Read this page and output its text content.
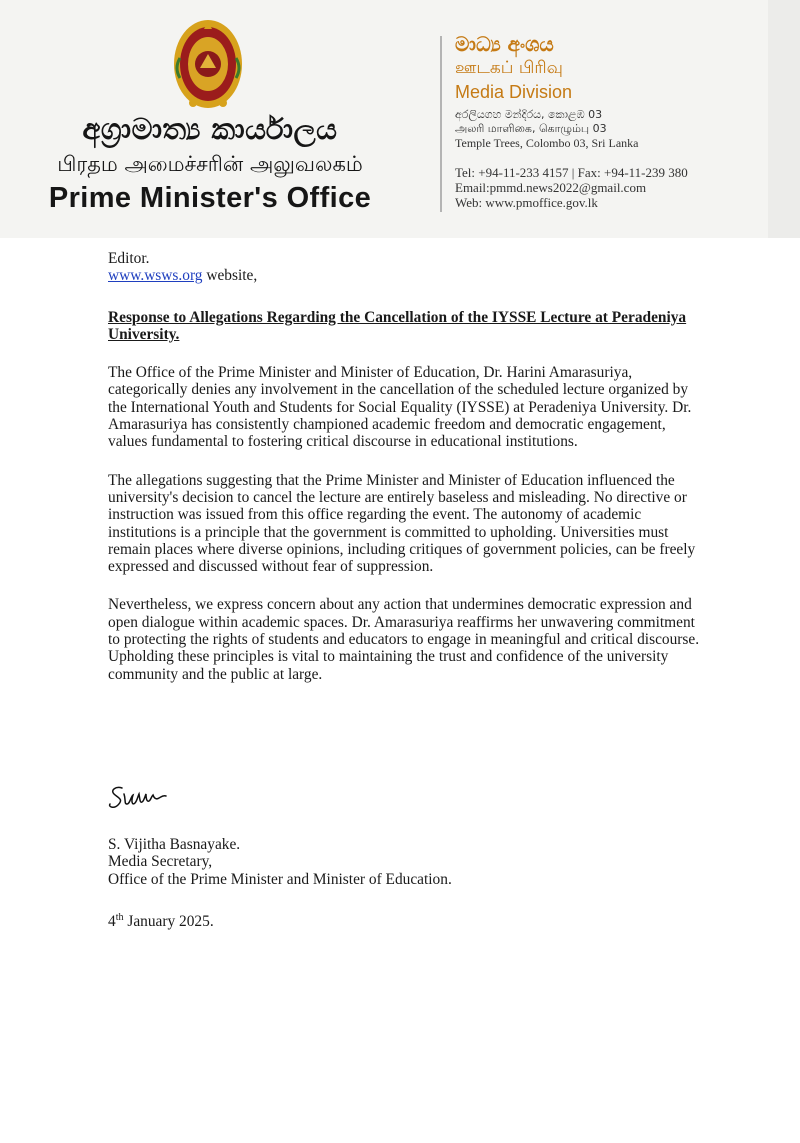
අග්‍රාමාත්‍ය කාර්යාලය
பிரதம அமைச்சரின் அலுவலகம்
Prime Minister's Office
මාධ්‍ය අංශය
ஊடகப் பிரிவு
Media Division
අරලියගහ මන්දිරය, කොළඹ 03
அலரி மாளிகை, கொழும்பு 03
Temple Trees, Colombo 03, Sri Lanka
Tel: +94-11-233 4157 | Fax: +94-11-239 380
Email:pmmd.news2022@gmail.com
Web: www.pmoffice.gov.lk

Editor.

www.wsws.org website,

Response to Allegations Regarding the Cancellation of the IYSSE Lecture at Peradeniya University.

The Office of the Prime Minister and Minister of Education, Dr. Harini Amarasuriya, categorically denies any involvement in the cancellation of the scheduled lecture organized by the International Youth and Students for Social Equality (IYSSE) at Peradeniya University. Dr. Amarasuriya has consistently championed academic freedom and democratic engagement, values fundamental to fostering critical discourse in educational institutions.

The allegations suggesting that the Prime Minister and Minister of Education influenced the university's decision to cancel the lecture are entirely baseless and misleading. No directive or instruction was issued from this office regarding the event. The autonomy of academic institutions is a principle that the government is committed to upholding. Universities must remain places where diverse opinions, including critiques of government policies, can be freely expressed and discussed without fear of suppression.

Nevertheless, we express concern about any action that undermines democratic expression and open dialogue within academic spaces. Dr. Amarasuriya reaffirms her unwavering commitment to protecting the rights of students and educators to engage in meaningful and critical discourse. Upholding these principles is vital to maintaining the trust and confidence of the university community and the public at large.

S. Vijitha Basnayake.
Media Secretary,
Office of the Prime Minister and Minister of Education.
4th January 2025.
